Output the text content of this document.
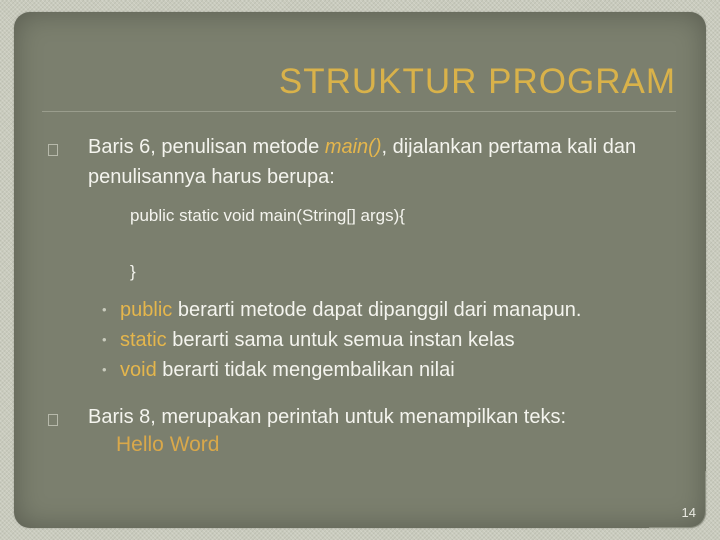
STRUKTUR PROGRAM

Baris 6, penulisan metode main(), dijalankan pertama kali dan penulisannya harus berupa:

public static void main(String[] args){

}

• public berarti metode dapat dipanggil dari manapun.
• static berarti sama untuk semua instan kelas
• void berarti tidak mengembalikan nilai

Baris 8, merupakan perintah untuk menampilkan teks:

Hello Word
14
